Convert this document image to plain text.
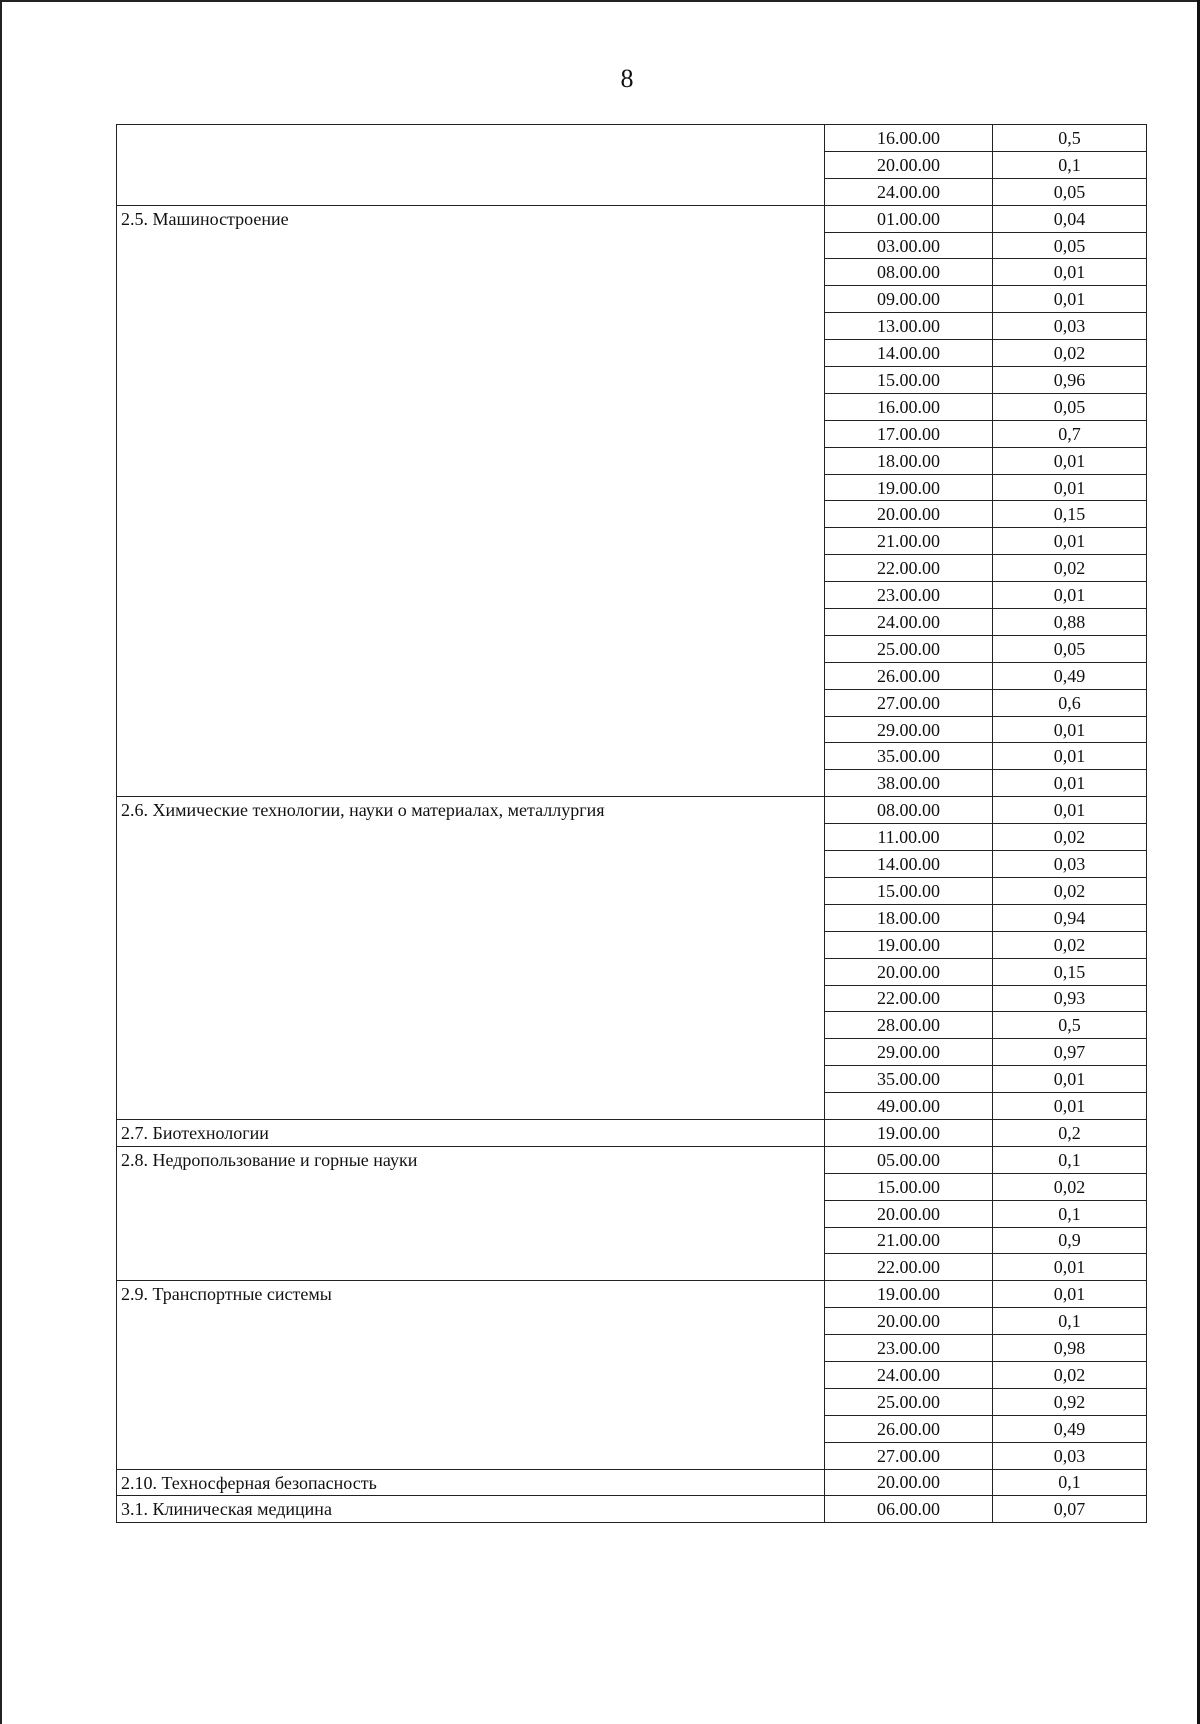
8
	16.00.00	0,5
	20.00.00	0,1
	24.00.00	0,05
2.5. Машиностроение	01.00.00	0,04
	03.00.00	0,05
	08.00.00	0,01
	09.00.00	0,01
	13.00.00	0,03
	14.00.00	0,02
	15.00.00	0,96
	16.00.00	0,05
	17.00.00	0,7
	18.00.00	0,01
	19.00.00	0,01
	20.00.00	0,15
	21.00.00	0,01
	22.00.00	0,02
	23.00.00	0,01
	24.00.00	0,88
	25.00.00	0,05
	26.00.00	0,49
	27.00.00	0,6
	29.00.00	0,01
	35.00.00	0,01
	38.00.00	0,01
2.6. Химические технологии, науки о материалах, металлургия	08.00.00	0,01
	11.00.00	0,02
	14.00.00	0,03
	15.00.00	0,02
	18.00.00	0,94
	19.00.00	0,02
	20.00.00	0,15
	22.00.00	0,93
	28.00.00	0,5
	29.00.00	0,97
	35.00.00	0,01
	49.00.00	0,01
2.7. Биотехнологии	19.00.00	0,2
2.8. Недропользование и горные науки	05.00.00	0,1
	15.00.00	0,02
	20.00.00	0,1
	21.00.00	0,9
	22.00.00	0,01
2.9. Транспортные системы	19.00.00	0,01
	20.00.00	0,1
	23.00.00	0,98
	24.00.00	0,02
	25.00.00	0,92
	26.00.00	0,49
	27.00.00	0,03
2.10. Техносферная безопасность	20.00.00	0,1
3.1. Клиническая медицина	06.00.00	0,07
